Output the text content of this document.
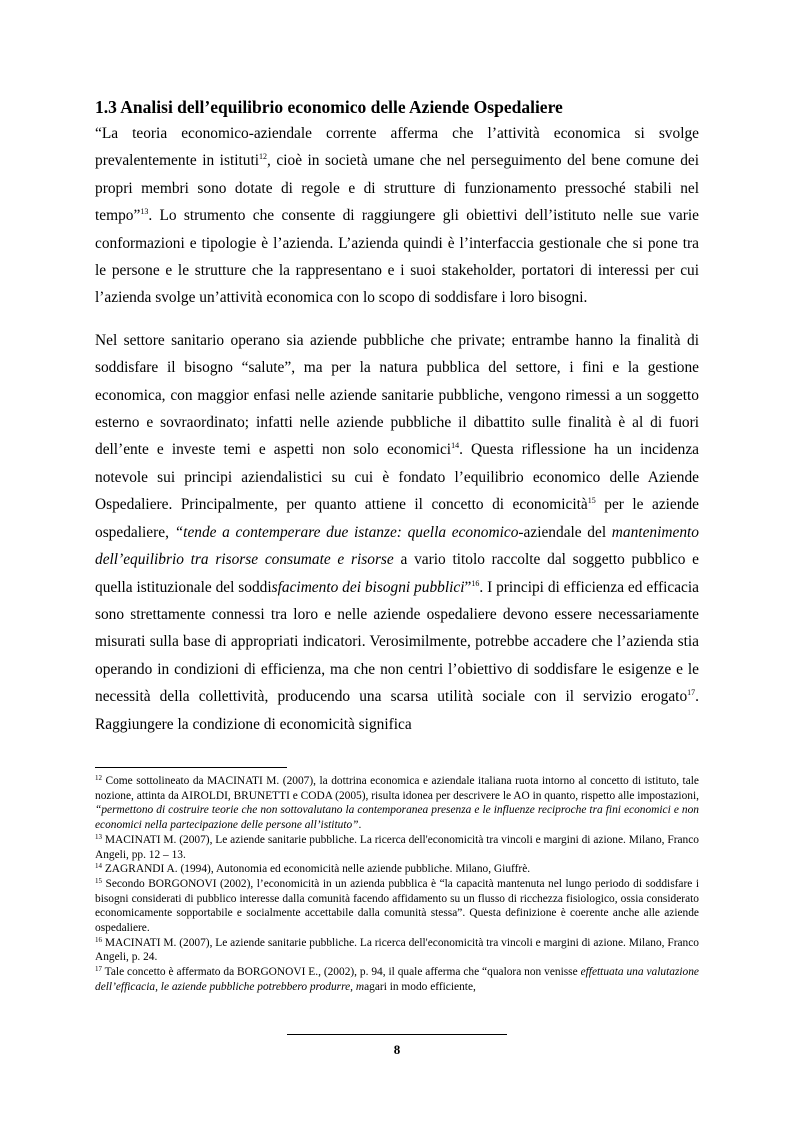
1.3 Analisi dell’equilibrio economico delle Aziende Ospedaliere

“La teoria economico-aziendale corrente afferma che l’attività economica si svolge prevalentemente in istituti$^{12}$, cioè in società umane che nel perseguimento del bene comune dei propri membri sono dotate di regole e di strutture di funzionamento pressoché stabili nel tempo”$^{13}$. Lo strumento che consente di raggiungere gli obiettivi dell’istituto nelle sue varie conformazioni e tipologie è l’azienda. L’azienda quindi è l’interfaccia gestionale che si pone tra le persone e le strutture che la rappresentano e i suoi stakeholder, portatori di interessi per cui l’azienda svolge un’attività economica con lo scopo di soddisfare i loro bisogni.

Nel settore sanitario operano sia aziende pubbliche che private; entrambe hanno la finalità di soddisfare il bisogno “salute”, ma per la natura pubblica del settore, i fini e la gestione economica, con maggior enfasi nelle aziende sanitarie pubbliche, vengono rimessi a un soggetto esterno e sovraordinato; infatti nelle aziende pubbliche il dibattito sulle finalità è al di fuori dell’ente e investe temi e aspetti non solo economici$^{14}$. Questa riflessione ha un incidenza notevole sui principi aziendalistici su cui è fondato l’equilibrio economico delle Aziende Ospedaliere. Principalmente, per quanto attiene il concetto di economicità$^{15}$ per le aziende ospedaliere, “tende a contemperare due istanze: quella economico-aziendale del mantenimento dell’equilibrio tra risorse consumate e risorse a vario titolo raccolte dal soggetto pubblico e quella istituzionale del soddisfacimento dei bisogni pubblici”$^{16}$. I principi di efficienza ed efficacia sono strettamente connessi tra loro e nelle aziende ospedaliere devono essere necessariamente misurati sulla base di appropriati indicatori. Verosimilmente, potrebbe accadere che l’azienda stia operando in condizioni di efficienza, ma che non centri l’obiettivo di soddisfare le esigenze e le necessità della collettività, producendo una scarsa utilità sociale con il servizio erogato$^{17}$. Raggiungere la condizione di economicità significa

$^{12}$ Come sottolineato da MACINATI M. (2007), la dottrina economica e aziendale italiana ruota intorno al concetto di istituto, tale nozione, attinta da AIROLDI, BRUNETTI e CODA (2005), risulta idonea per descrivere le AO in quanto, rispetto alle impostazioni, “permettono di costruire teorie che non sottovalutano la contemporanea presenza e le influenze reciproche tra fini economici e non economici nella partecipazione delle persone all’istituto”.

$^{13}$ MACINATI M. (2007), Le aziende sanitarie pubbliche. La ricerca dell'economicità tra vincoli e margini di azione. Milano, Franco Angeli, pp. 12 – 13.

$^{14}$ ZAGRANDI A. (1994), Autonomia ed economicità nelle aziende pubbliche. Milano, Giuffrè.

$^{15}$ Secondo BORGONOVI (2002), l’economicità in un azienda pubblica è “la capacità mantenuta nel lungo periodo di soddisfare i bisogni considerati di pubblico interesse dalla comunità facendo affidamento su un flusso di ricchezza fisiologico, ossia considerato economicamente sopportabile e socialmente accettabile dalla comunità stessa”. Questa definizione è coerente anche alle aziende ospedaliere.

$^{16}$ MACINATI M. (2007), Le aziende sanitarie pubbliche. La ricerca dell'economicità tra vincoli e margini di azione. Milano, Franco Angeli, p. 24.

$^{17}$ Tale concetto è affermato da BORGONOVI E., (2002), p. 94, il quale afferma che “qualora non venisse effettuata una valutazione dell’efficacia, le aziende pubbliche potrebbero produrre, magari in modo efficiente,

8
